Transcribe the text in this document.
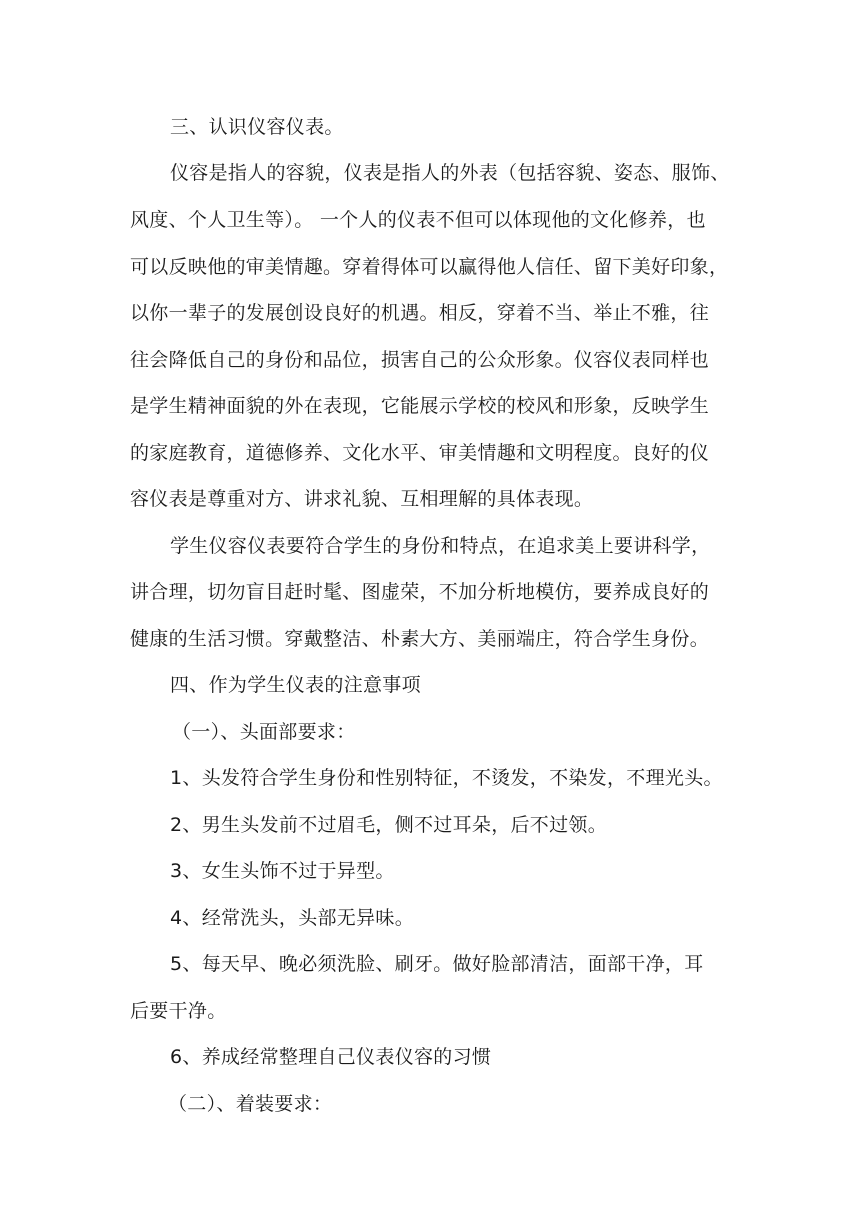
三、认识仪容仪表。
仪容是指人的容貌，仪表是指人的外表（包括容貌、姿态、服饰、
风度、个人卫生等）。 一个人的仪表不但可以体现他的文化修养，也
可以反映他的审美情趣。穿着得体可以赢得他人信任、留下美好印象，
以你一辈子的发展创设良好的机遇。相反，穿着不当、举止不雅，往
往会降低自己的身份和品位，损害自己的公众形象。仪容仪表同样也
是学生精神面貌的外在表现，它能展示学校的校风和形象，反映学生
的家庭教育，道德修养、文化水平、审美情趣和文明程度。良好的仪
容仪表是尊重对方、讲求礼貌、互相理解的具体表现。
学生仪容仪表要符合学生的身份和特点，在追求美上要讲科学，
讲合理，切勿盲目赶时髦、图虚荣，不加分析地模仿，要养成良好的
健康的生活习惯。穿戴整洁、朴素大方、美丽端庄，符合学生身份。
四、作为学生仪表的注意事项
（一）、头面部要求：
1、头发符合学生身份和性别特征，不烫发，不染发，不理光头。
2、男生头发前不过眉毛，侧不过耳朵，后不过领。
3、女生头饰不过于异型。
4、经常洗头，头部无异味。
5、每天早、晚必须洗脸、刷牙。做好脸部清洁，面部干净，耳
后要干净。
6、养成经常整理自己仪表仪容的习惯
（二）、着装要求：
